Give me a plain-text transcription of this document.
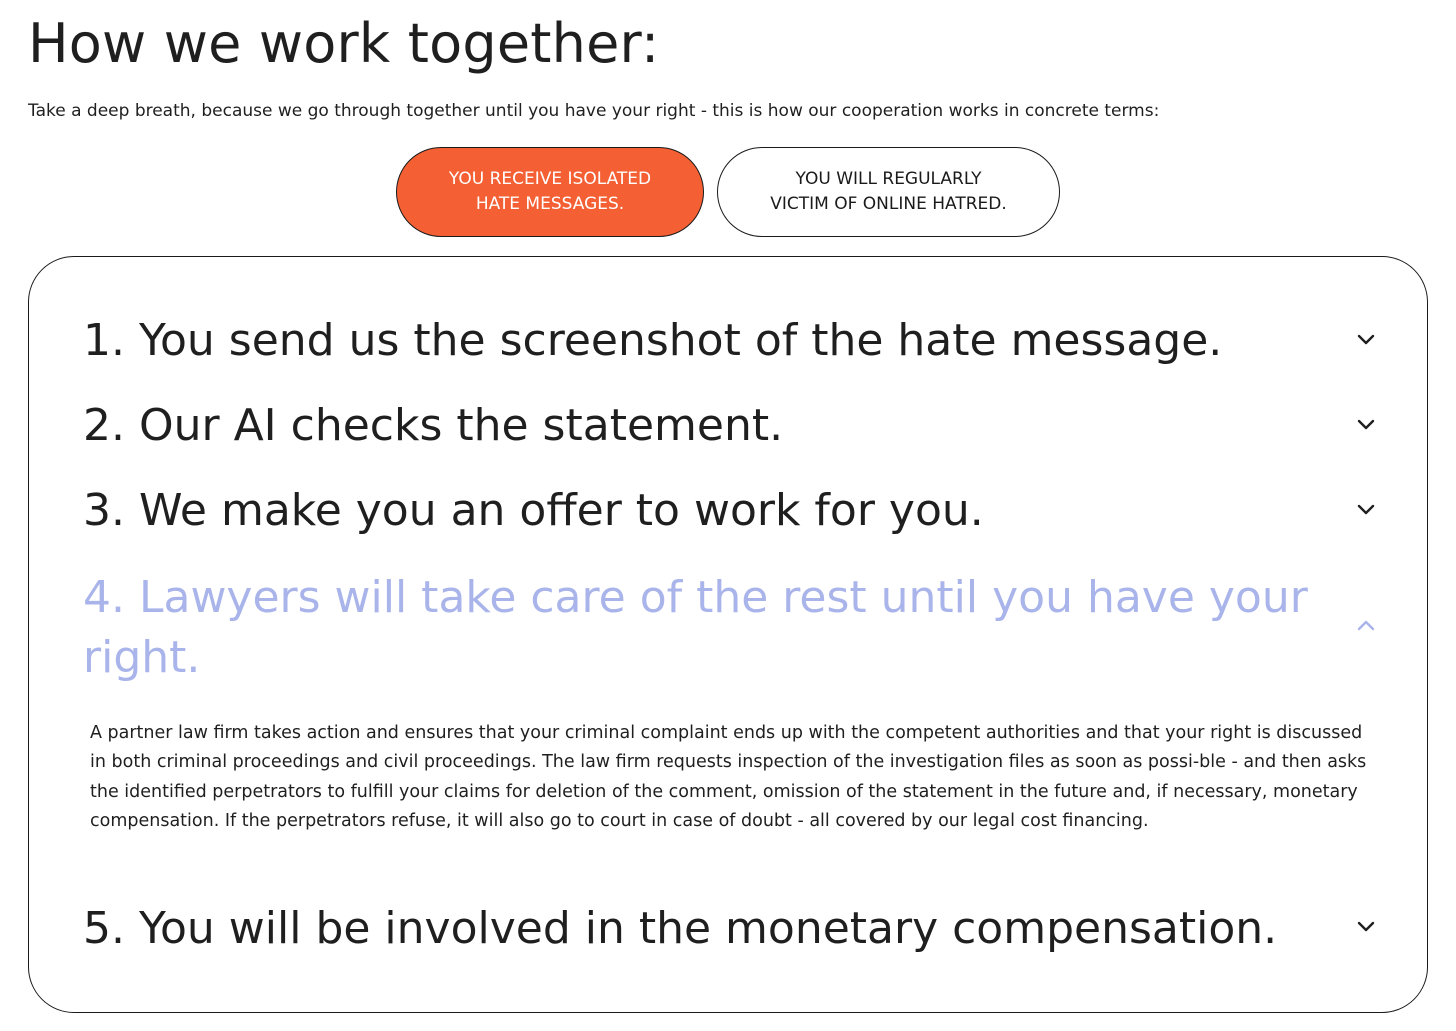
How we work together:

Take a deep breath, because we go through together until you have your right - this is how our cooperation works in concrete terms:

YOU RECEIVE ISOLATED
HATE MESSAGES.
YOU WILL REGULARLY
VICTIM OF ONLINE HATRED.
1. You send us the screenshot of the hate message.
2. Our AI checks the statement.
3. We make you an offer to work for you.
4. Lawyers will take care of the rest until you have your right.

A partner law firm takes action and ensures that your criminal complaint ends up with the competent authorities and that your right is discussed in both criminal proceedings and civil proceedings. The law firm requests inspection of the investigation files as soon as possi-ble - and then asks the identified perpetrators to fulfill your claims for deletion of the comment, omission of the statement in the future and, if necessary, monetary compensation. If the perpetrators refuse, it will also go to court in case of doubt - all covered by our legal cost financing.

5. You will be involved in the monetary compensation.
